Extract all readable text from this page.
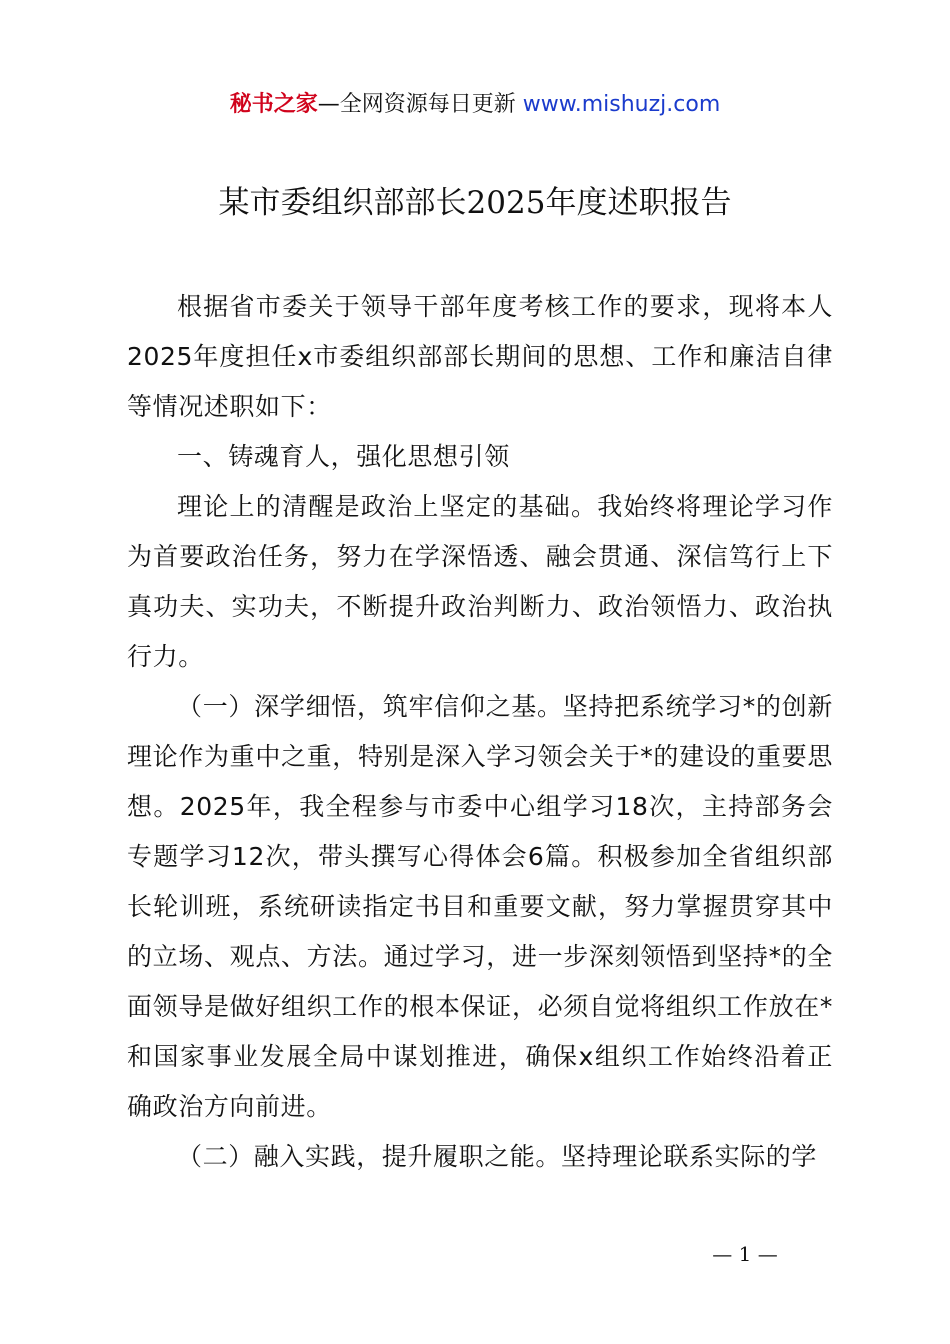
秘书之家—全网资源每日更新 www.mishuzj.com
某市委组织部部长2025年度述职报告

根据省市委关于领导干部年度考核工作的要求，现将本人2025年度担任x市委组织部部长期间的思想、工作和廉洁自律等情况述职如下：

一、铸魂育人，强化思想引领

理论上的清醒是政治上坚定的基础。我始终将理论学习作为首要政治任务，努力在学深悟透、融会贯通、深信笃行上下真功夫、实功夫，不断提升政治判断力、政治领悟力、政治执行力。

（一）深学细悟，筑牢信仰之基。坚持把系统学习*的创新理论作为重中之重，特别是深入学习领会关于*的建设的重要思想。2025年，我全程参与市委中心组学习18次，主持部务会专题学习12次，带头撰写心得体会6篇。积极参加全省组织部长轮训班，系统研读指定书目和重要文献，努力掌握贯穿其中的立场、观点、方法。通过学习，进一步深刻领悟到坚持*的全面领导是做好组织工作的根本保证，必须自觉将组织工作放在*和国家事业发展全局中谋划推进，确保x组织工作始终沿着正确政治方向前进。

（二）融入实践，提升履职之能。坚持理论联系实际的学

— 1 —
